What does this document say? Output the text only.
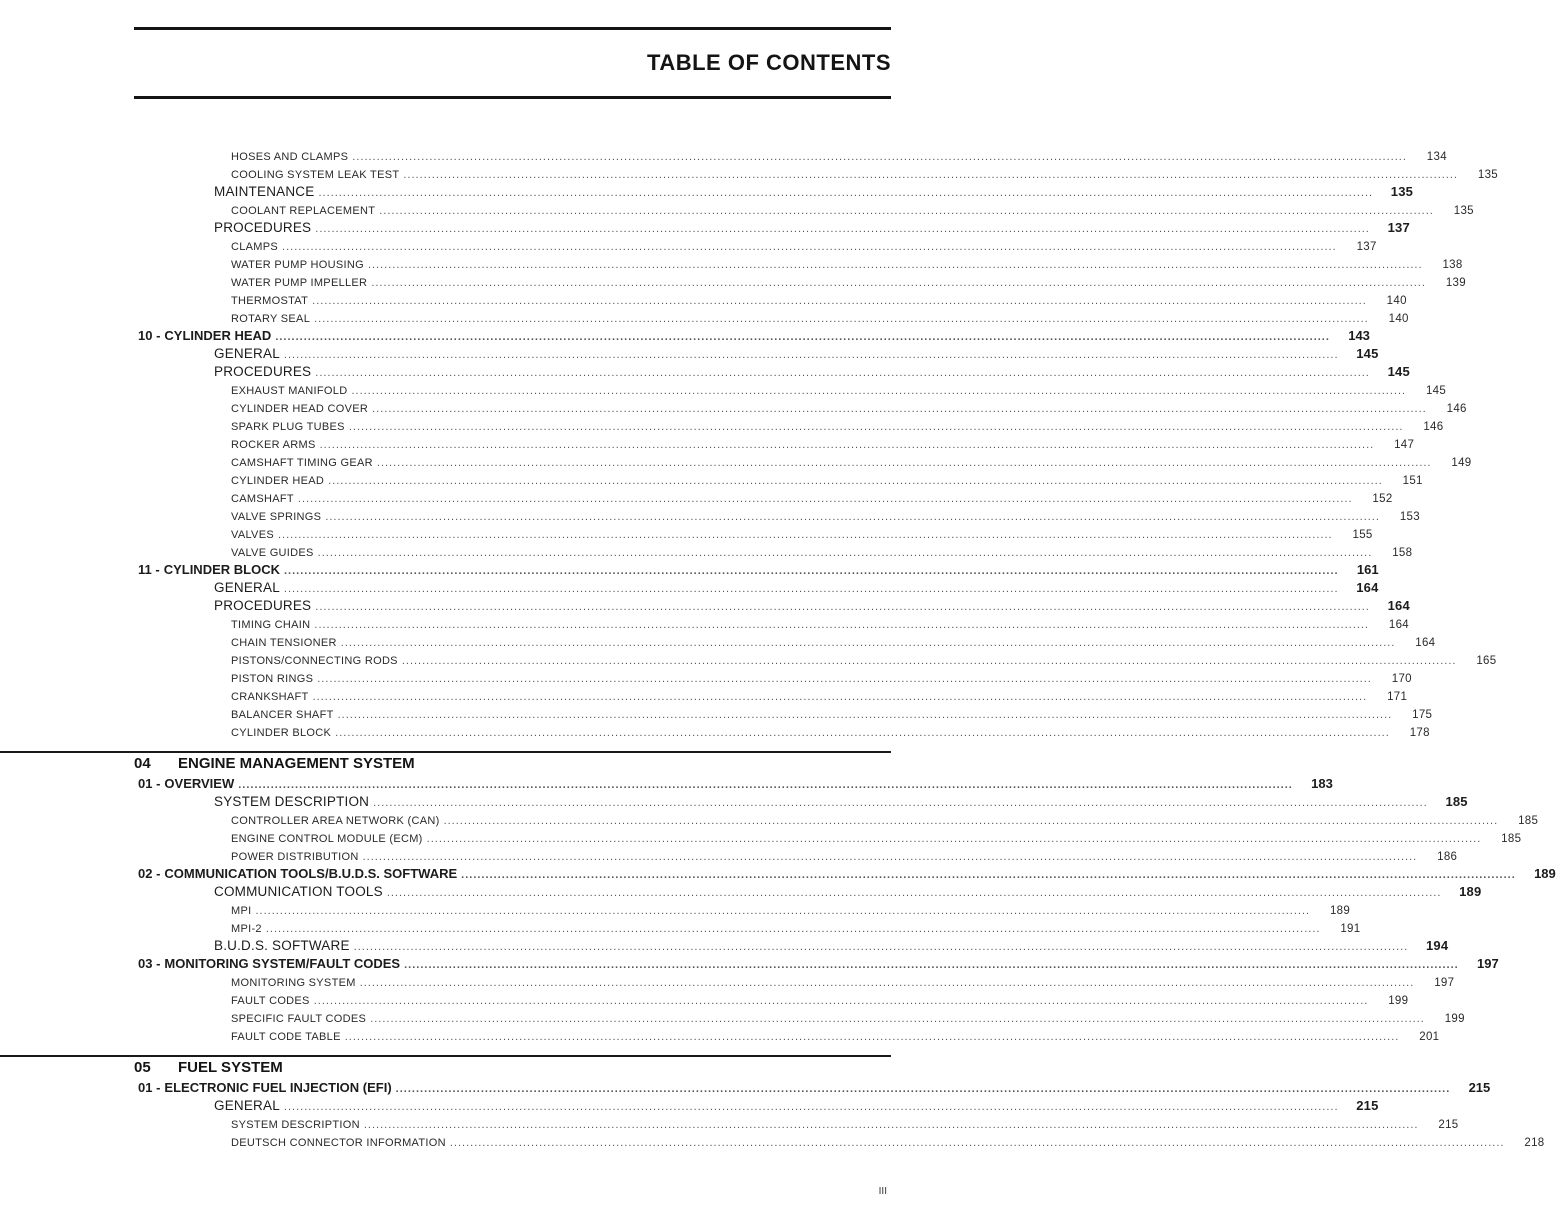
TABLE OF CONTENTS
HOSES AND CLAMPS ....................................................................................................................................................................................................................................................................	134
COOLING SYSTEM LEAK TEST ....................................................................................................................................................................................................................................................................	135
MAINTENANCE ....................................................................................................................................................................................................................................................................	135
COOLANT REPLACEMENT ....................................................................................................................................................................................................................................................................	135
PROCEDURES ....................................................................................................................................................................................................................................................................	137
CLAMPS ....................................................................................................................................................................................................................................................................	137
WATER PUMP HOUSING ....................................................................................................................................................................................................................................................................	138
WATER PUMP IMPELLER ....................................................................................................................................................................................................................................................................	139
THERMOSTAT ....................................................................................................................................................................................................................................................................	140
ROTARY SEAL ....................................................................................................................................................................................................................................................................	140
10 - CYLINDER HEAD ....................................................................................................................................................................................................................................................................	143
GENERAL ....................................................................................................................................................................................................................................................................	145
PROCEDURES ....................................................................................................................................................................................................................................................................	145
EXHAUST MANIFOLD ....................................................................................................................................................................................................................................................................	145
CYLINDER HEAD COVER ....................................................................................................................................................................................................................................................................	146
SPARK PLUG TUBES ....................................................................................................................................................................................................................................................................	146
ROCKER ARMS ....................................................................................................................................................................................................................................................................	147
CAMSHAFT TIMING GEAR ....................................................................................................................................................................................................................................................................	149
CYLINDER HEAD ....................................................................................................................................................................................................................................................................	151
CAMSHAFT ....................................................................................................................................................................................................................................................................	152
VALVE SPRINGS ....................................................................................................................................................................................................................................................................	153
VALVES ....................................................................................................................................................................................................................................................................	155
VALVE GUIDES ....................................................................................................................................................................................................................................................................	158
11 - CYLINDER BLOCK ....................................................................................................................................................................................................................................................................	161
GENERAL ....................................................................................................................................................................................................................................................................	164
PROCEDURES ....................................................................................................................................................................................................................................................................	164
TIMING CHAIN ....................................................................................................................................................................................................................................................................	164
CHAIN TENSIONER ....................................................................................................................................................................................................................................................................	164
PISTONS/CONNECTING RODS ....................................................................................................................................................................................................................................................................	165
PISTON RINGS ....................................................................................................................................................................................................................................................................	170
CRANKSHAFT ....................................................................................................................................................................................................................................................................	171
BALANCER SHAFT ....................................................................................................................................................................................................................................................................	175
CYLINDER BLOCK ....................................................................................................................................................................................................................................................................	178
04	ENGINE MANAGEMENT SYSTEM
01 - OVERVIEW ....................................................................................................................................................................................................................................................................	183
SYSTEM DESCRIPTION ....................................................................................................................................................................................................................................................................	185
CONTROLLER AREA NETWORK (CAN) ....................................................................................................................................................................................................................................................................	185
ENGINE CONTROL MODULE (ECM) ....................................................................................................................................................................................................................................................................	185
POWER DISTRIBUTION ....................................................................................................................................................................................................................................................................	186
02 - COMMUNICATION TOOLS/B.U.D.S. SOFTWARE ....................................................................................................................................................................................................................................................................	189
COMMUNICATION TOOLS ....................................................................................................................................................................................................................................................................	189
MPI ....................................................................................................................................................................................................................................................................	189
MPI-2 ....................................................................................................................................................................................................................................................................	191
B.U.D.S. SOFTWARE ....................................................................................................................................................................................................................................................................	194
03 - MONITORING SYSTEM/FAULT CODES ....................................................................................................................................................................................................................................................................	197
MONITORING SYSTEM ....................................................................................................................................................................................................................................................................	197
FAULT CODES ....................................................................................................................................................................................................................................................................	199
SPECIFIC FAULT CODES ....................................................................................................................................................................................................................................................................	199
FAULT CODE TABLE ....................................................................................................................................................................................................................................................................	201
05	FUEL SYSTEM
01 - ELECTRONIC FUEL INJECTION (EFI) ....................................................................................................................................................................................................................................................................	215
GENERAL ....................................................................................................................................................................................................................................................................	215
SYSTEM DESCRIPTION ....................................................................................................................................................................................................................................................................	215
DEUTSCH CONNECTOR INFORMATION ....................................................................................................................................................................................................................................................................	218
III
